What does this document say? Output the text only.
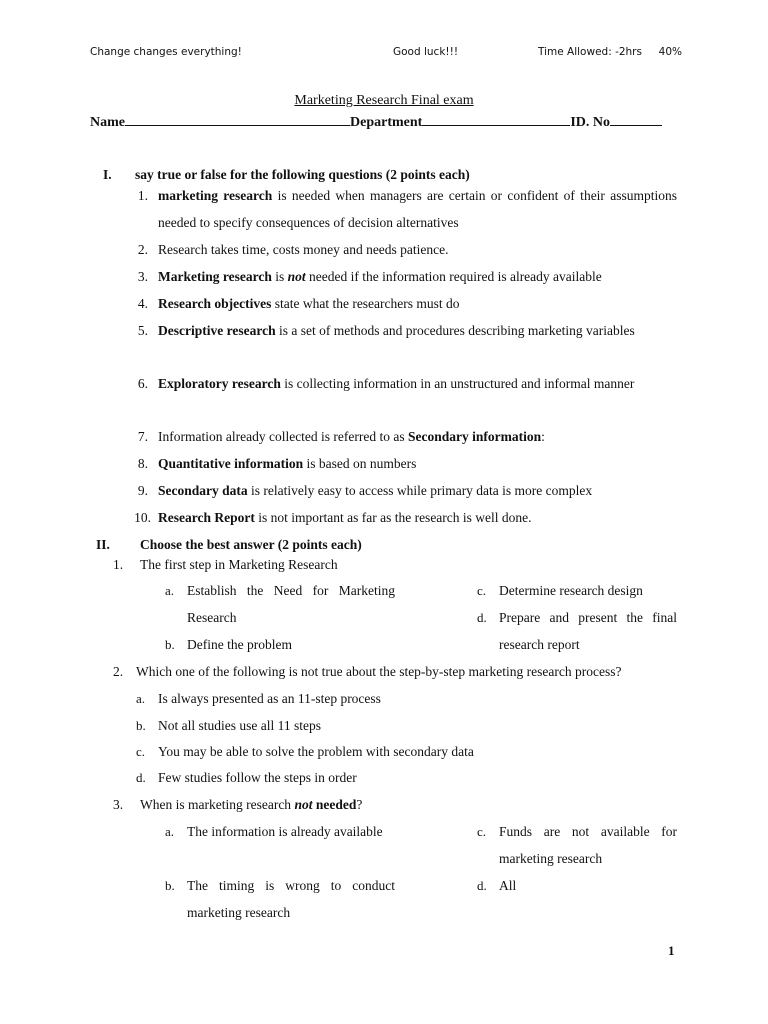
Change changes everything!	Good luck!!!	Time Allowed: -2hrs     40%
Marketing Research Final exam
Name	Department	ID. No
I. say true or false for the following questions (2 points each)
1. marketing research is needed when managers are certain or confident of their assumptions needed to specify consequences of decision alternatives
2. Research takes time, costs money and needs patience.
3. Marketing research is not needed if the information required is already available
4. Research objectives state what the researchers must do
5. Descriptive research is a set of methods and procedures describing marketing variables
6. Exploratory research is collecting information in an unstructured and informal manner
7. Information already collected is referred to as Secondary information:
8. Quantitative information is based on numbers
9. Secondary data is relatively easy to access while primary data is more complex
10. Research Report is not important as far as the research is well done.
II. Choose the best answer (2 points each)
1. The first step in Marketing Research
a. Establish the Need for Marketing Research
b. Define the problem
c. Determine research design
d. Prepare and present the final research report
2. Which one of the following is not true about the step-by-step marketing research process?
a. Is always presented as an 11-step process
b. Not all studies use all 11 steps
c. You may be able to solve the problem with secondary data
d. Few studies follow the steps in order
3. When is marketing research not needed?
a. The information is already available
b. The timing is wrong to conduct marketing research
c. Funds are not available for marketing research
d. All
1
